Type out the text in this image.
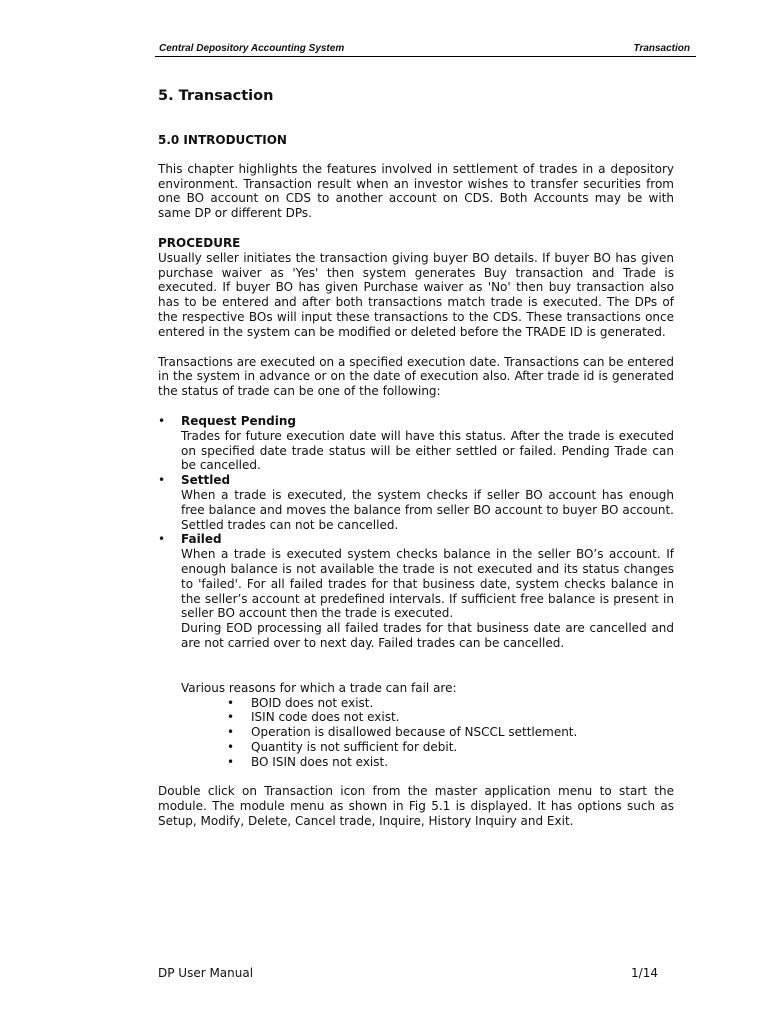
Central Depository Accounting System	Transaction
5. Transaction
5.0 INTRODUCTION

This chapter highlights the features involved in settlement of trades in a depository environment. Transaction result when an investor wishes to transfer securities from one BO account on CDS to another account on CDS. Both Accounts may be with same DP or different DPs.

PROCEDURE

Usually seller initiates the transaction giving buyer BO details. If buyer BO has given purchase waiver as 'Yes' then system generates Buy transaction and Trade is executed. If buyer BO has given Purchase waiver as 'No' then buy transaction also has to be entered and after both transactions match trade is executed. The DPs of the respective BOs will input these transactions to the CDS. These transactions once entered in the system can be modified or deleted before the TRADE ID is generated.

Transactions are executed on a specified execution date. Transactions can be entered in the system in advance or on the date of execution also. After trade id is generated the status of trade can be one of the following:

• Request Pending
Trades for future execution date will have this status. After the trade is executed on specified date trade status will be either settled or failed. Pending Trade can be cancelled.
• Settled
When a trade is executed, the system checks if seller BO account has enough free balance and moves the balance from seller BO account to buyer BO account. Settled trades can not be cancelled.
• Failed
When a trade is executed system checks balance in the seller BO’s account. If enough balance is not available the trade is not executed and its status changes to 'failed'. For all failed trades for that business date, system checks balance in the seller’s account at predefined intervals. If sufficient free balance is present in seller BO account then the trade is executed.
During EOD processing all failed trades for that business date are cancelled and are not carried over to next day. Failed trades can be cancelled.

Various reasons for which a trade can fail are:

• BOID does not exist.
• ISIN code does not exist.
• Operation is disallowed because of NSCCL settlement.
• Quantity is not sufficient for debit.
• BO ISIN does not exist.

Double click on Transaction icon from the master application menu to start the module. The module menu as shown in Fig 5.1 is displayed. It has options such as Setup, Modify, Delete, Cancel trade, Inquire, History Inquiry and Exit.

DP User Manual	1/14
